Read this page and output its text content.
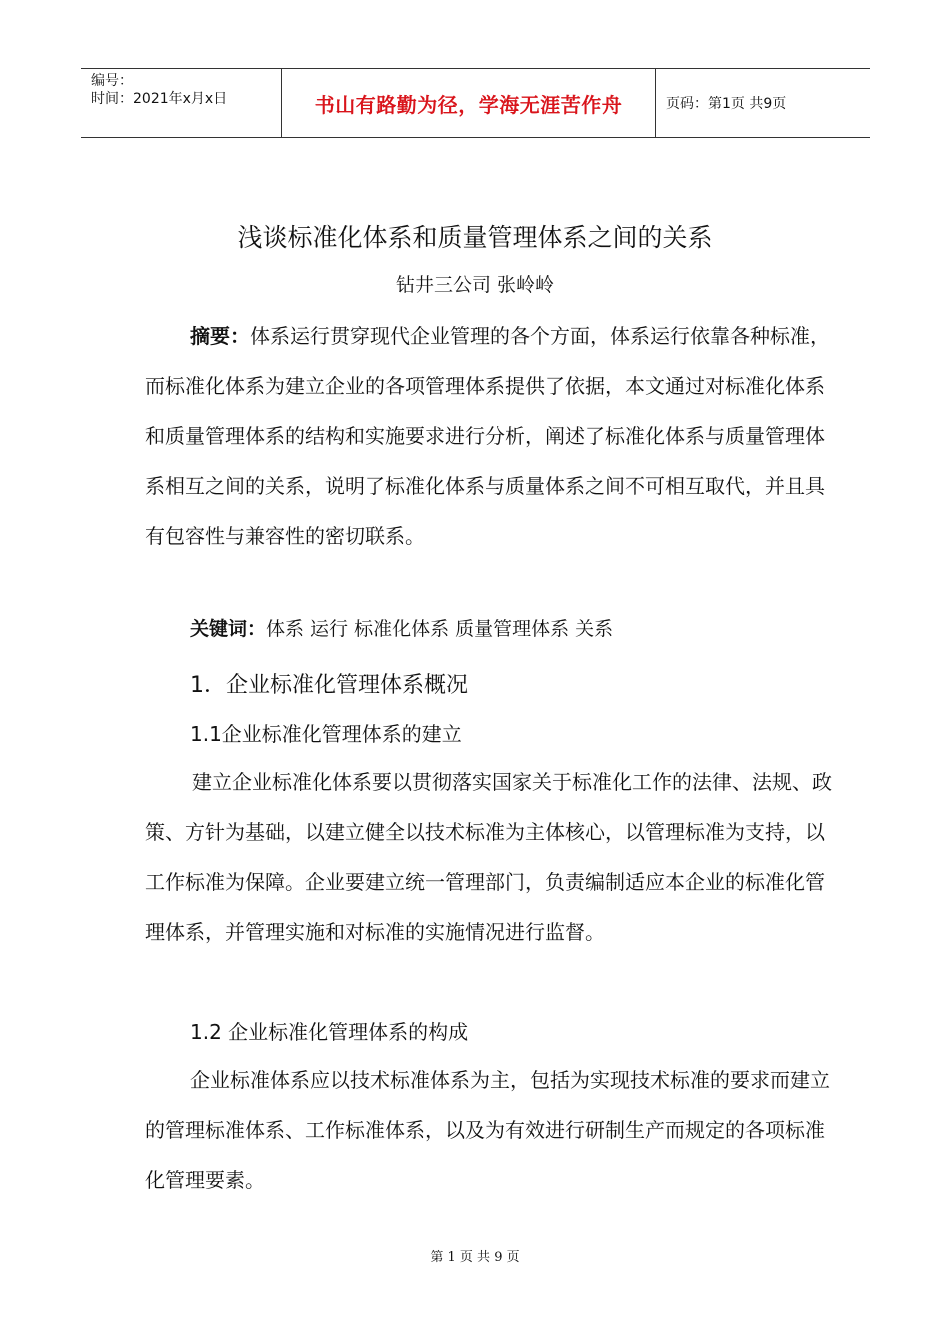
编号：
时间：2021年x月x日	书山有路勤为径，学海无涯苦作舟	页码：第1页 共9页
浅谈标准化体系和质量管理体系之间的关系
钻井三公司 张岭岭

摘要：体系运行贯穿现代企业管理的各个方面，体系运行依靠各种标准，而标准化体系为建立企业的各项管理体系提供了依据，本文通过对标准化体系和质量管理体系的结构和实施要求进行分析，阐述了标准化体系与质量管理体系相互之间的关系，说明了标准化体系与质量体系之间不可相互取代，并且具有包容性与兼容性的密切联系。

关键词：体系 运行 标准化体系 质量管理体系 关系
1．企业标准化管理体系概况
1.1企业标准化管理体系的建立

建立企业标准化体系要以贯彻落实国家关于标准化工作的法律、法规、政策、方针为基础，以建立健全以技术标准为主体核心，以管理标准为支持，以工作标准为保障。企业要建立统一管理部门，负责编制适应本企业的标准化管理体系，并管理实施和对标准的实施情况进行监督。

1.2 企业标准化管理体系的构成

企业标准体系应以技术标准体系为主，包括为实现技术标准的要求而建立的管理标准体系、工作标准体系，以及为有效进行研制生产而规定的各项标准化管理要素。

第 1 页 共 9 页
